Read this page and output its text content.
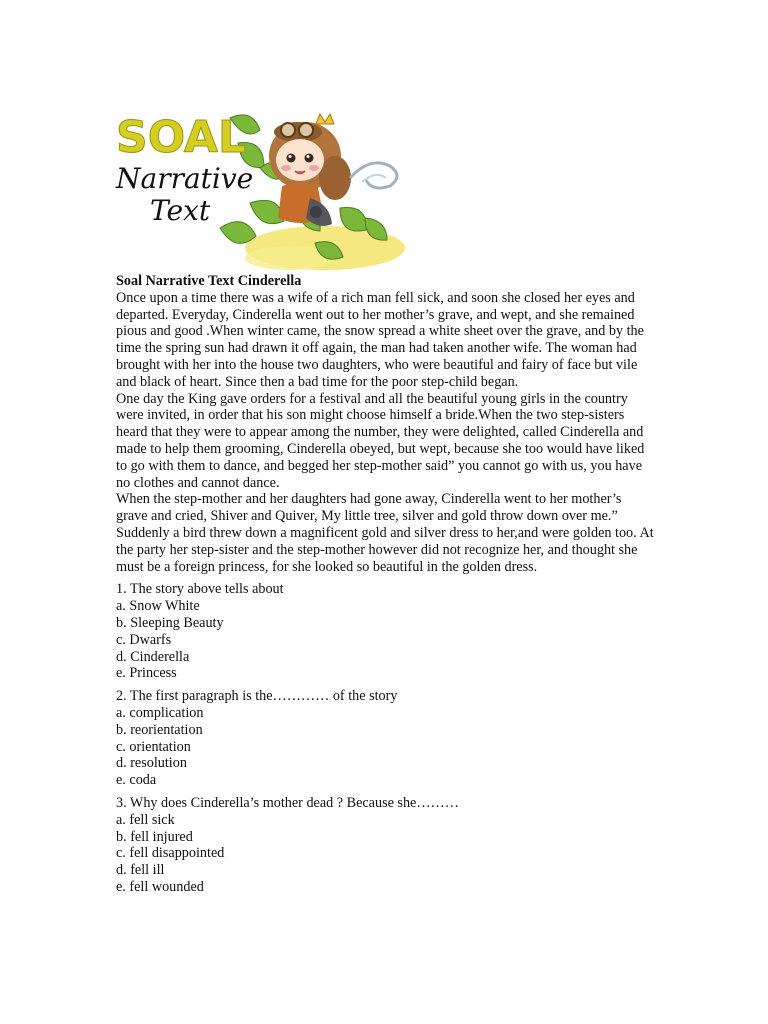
SOAL
Narrative
Text

Soal Narrative Text Cinderella

Once upon a time there was a wife of a rich man fell sick, and soon she closed her eyes and departed. Everyday, Cinderella went out to her mother’s grave, and wept, and she remained pious and good .When winter came, the snow spread a white sheet over the grave, and by the time the spring sun had drawn it off again, the man had taken another wife. The woman had brought with her into the house two daughters, who were beautiful and fairy of face but vile and black of heart. Since then a bad time for the poor step-child began.

One day the King gave orders for a festival and all the beautiful young girls in the country were invited, in order that his son might choose himself a bride.When the two step-sisters heard that they were to appear among the number, they were delighted, called Cinderella and made to help them grooming, Cinderella obeyed, but wept, because she too would have liked to go with them to dance, and begged her step-mother said” you cannot go with us, you have no clothes and cannot dance.

When the step-mother and her daughters had gone away, Cinderella went to her mother’s grave and cried, Shiver and Quiver, My little tree, silver and gold throw down over me.” Suddenly a bird threw down a magnificent gold and silver dress to her,and were golden too. At the party her step-sister and the step-mother however did not recognize her, and thought she must be a foreign princess, for she looked so beautiful in the golden dress.

1. The story above tells about

a. Snow White

b. Sleeping Beauty

c. Dwarfs

d. Cinderella

e. Princess

2. The first paragraph is the………… of the story

a. complication

b. reorientation

c. orientation

d. resolution

e. coda

3. Why does Cinderella’s mother dead ? Because she………

a. fell sick

b. fell injured

c. fell disappointed

d. fell ill

e. fell wounded
